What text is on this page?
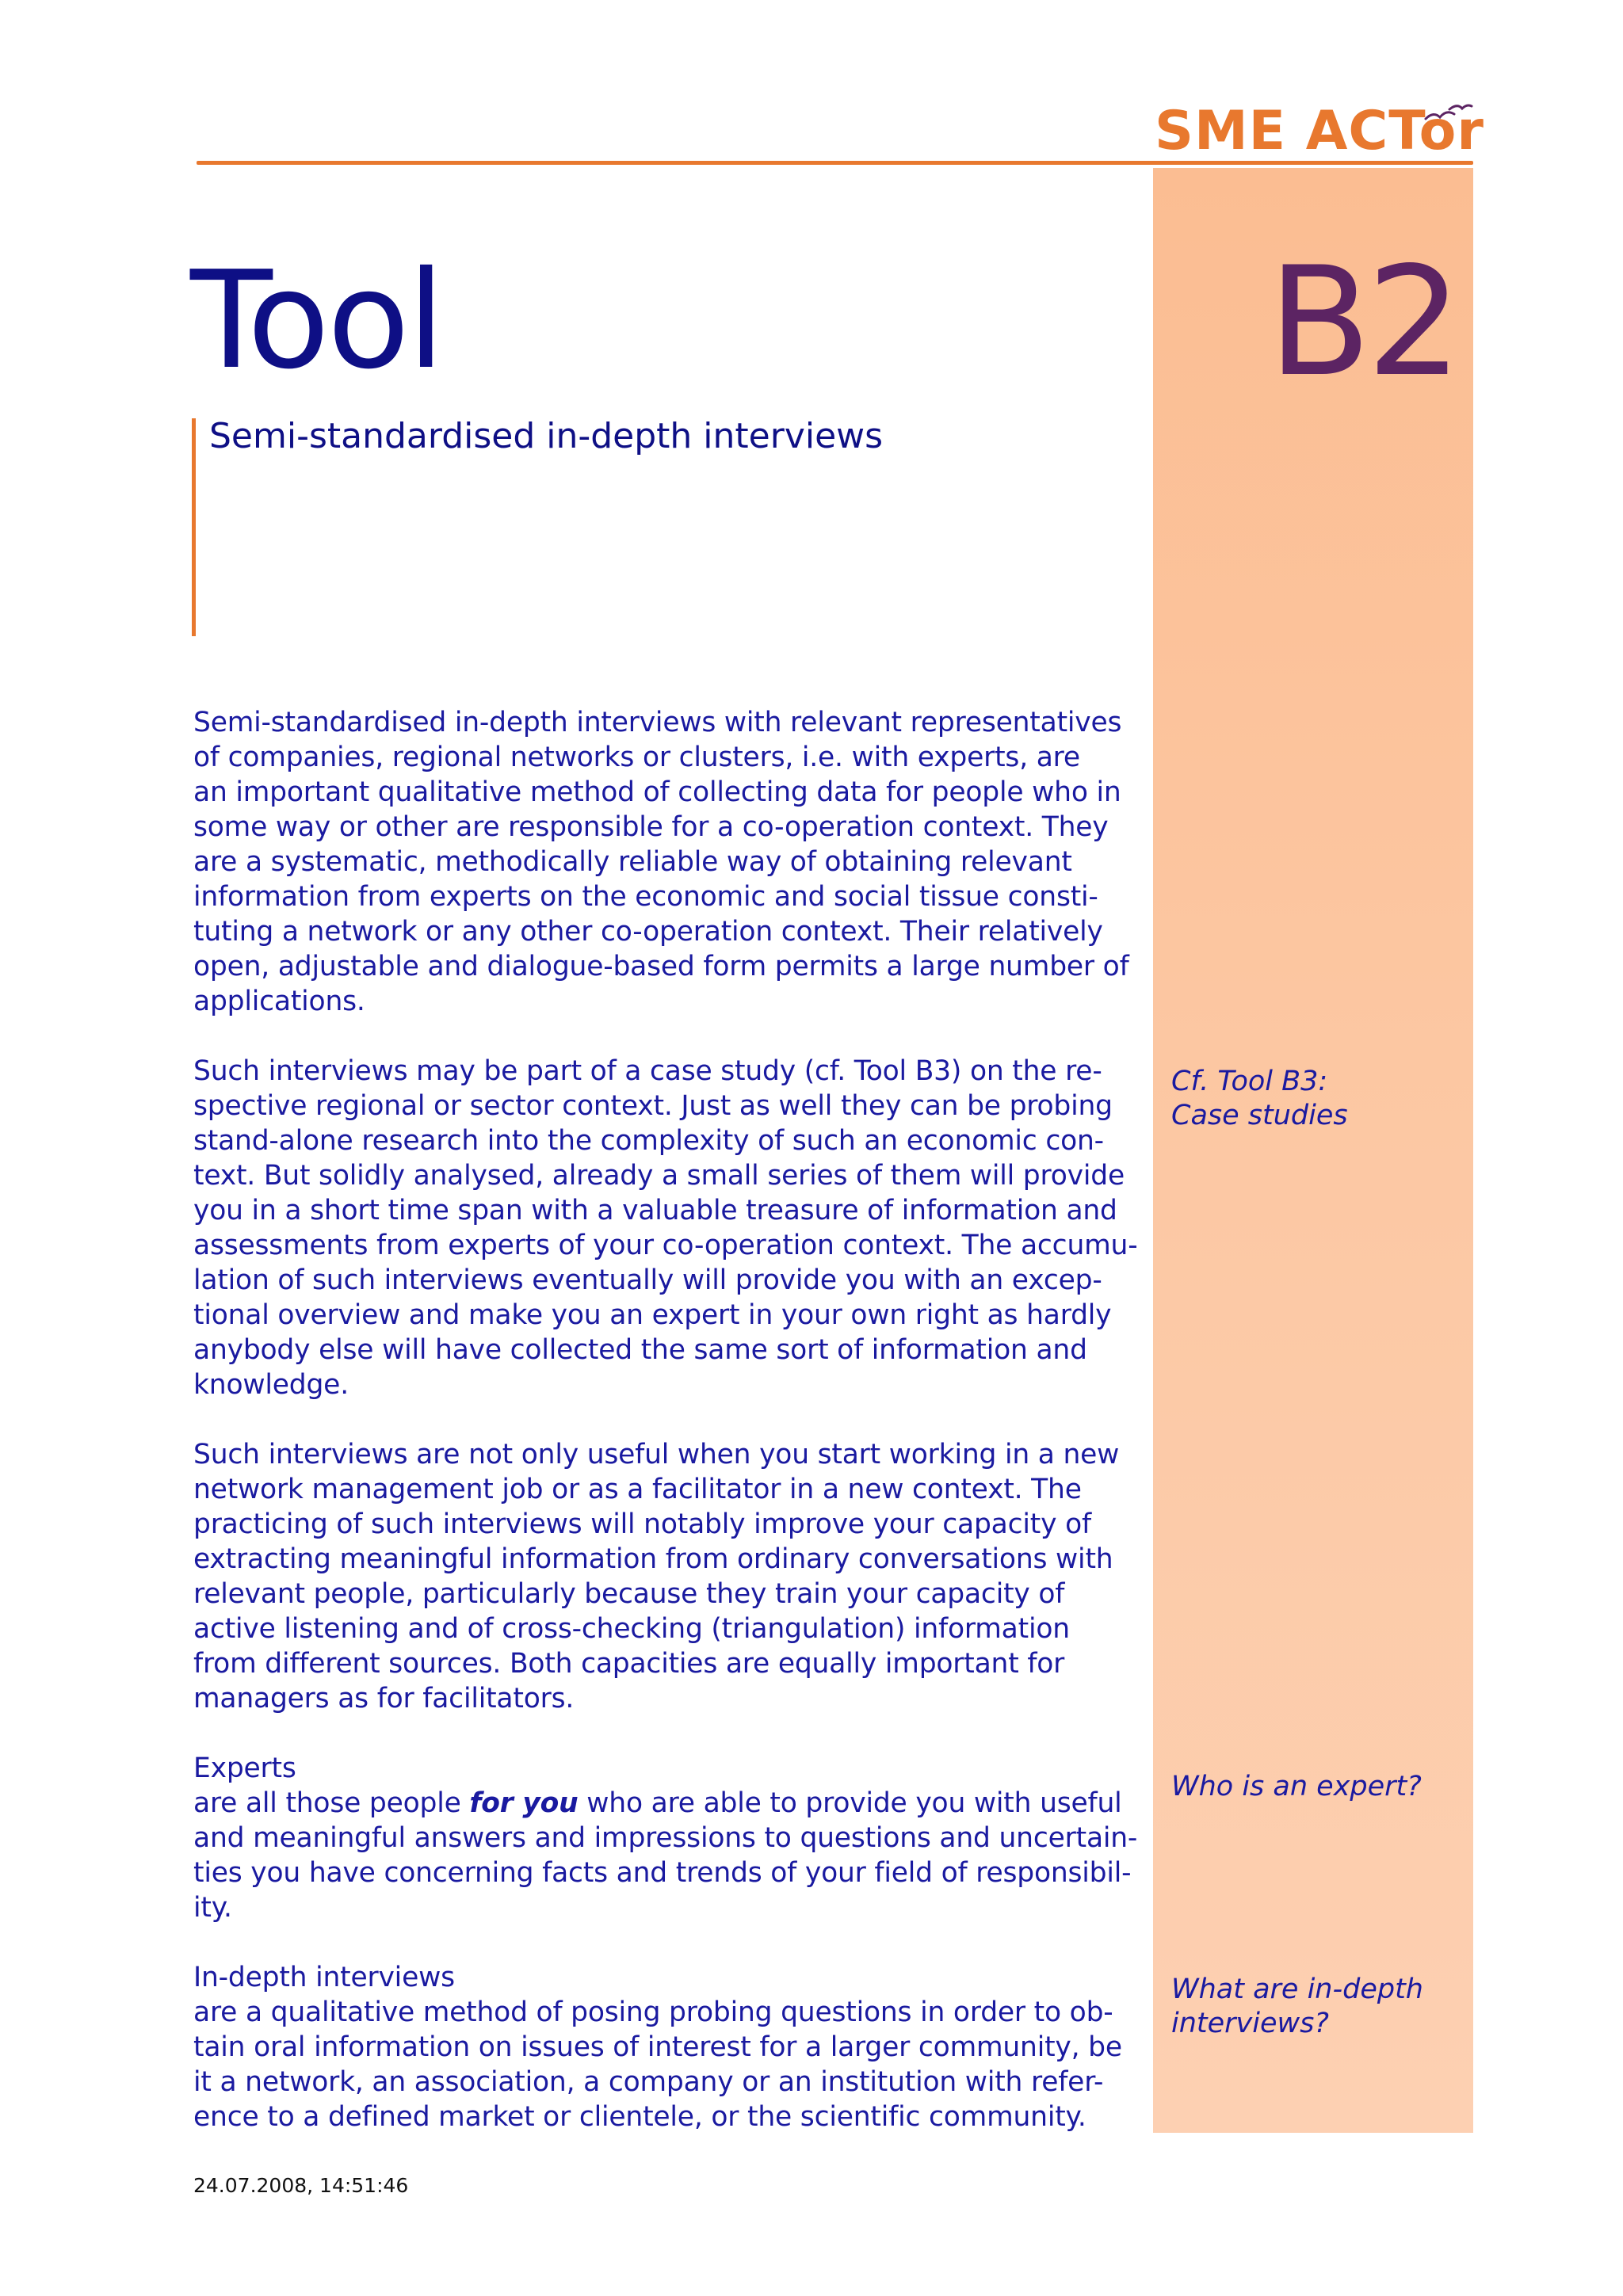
SME ACTor
Tool	B2
Semi-standardised in-depth interviews
Semi-standardised in-depth interviews with relevant representatives
of companies, regional networks or clusters, i.e. with experts, are
an important qualitative method of collecting data for people who in
some way or other are responsible for a co-operation context. They
are a systematic, methodically reliable way of obtaining relevant
information from experts on the economic and social tissue consti-
tuting a network or any other co-operation context. Their relatively
open, adjustable and dialogue-based form permits a large number of
applications.
Such interviews may be part of a case study (cf. Tool B3) on the re-
spective regional or sector context. Just as well they can be probing
stand-alone research into the complexity of such an economic con-
text. But solidly analysed, already a small series of them will provide
you in a short time span with a valuable treasure of information and
assessments from experts of your co-operation context. The accumu-
lation of such interviews eventually will provide you with an excep-
tional overview and make you an expert in your own right as hardly
anybody else will have collected the same sort of information and
knowledge.
Such interviews are not only useful when you start working in a new
network management job or as a facilitator in a new context. The
practicing of such interviews will notably improve your capacity of
extracting meaningful information from ordinary conversations with
relevant people, particularly because they train your capacity of
active listening and of cross-checking (triangulation) information
from different sources. Both capacities are equally important for
managers as for facilitators.
Experts
are all those people for you who are able to provide you with useful
and meaningful answers and impressions to questions and uncertain-
ties you have concerning facts and trends of your field of responsibil-
ity.
In-depth interviews
are a qualitative method of posing probing questions in order to ob-
tain oral information on issues of interest for a larger community, be
it a network, an association, a company or an institution with refer-
ence to a defined market or clientele, or the scientific community.
Cf. Tool B3:
Case studies
Who is an expert?
What are in-depth
interviews?
24.07.2008, 14:51:46
